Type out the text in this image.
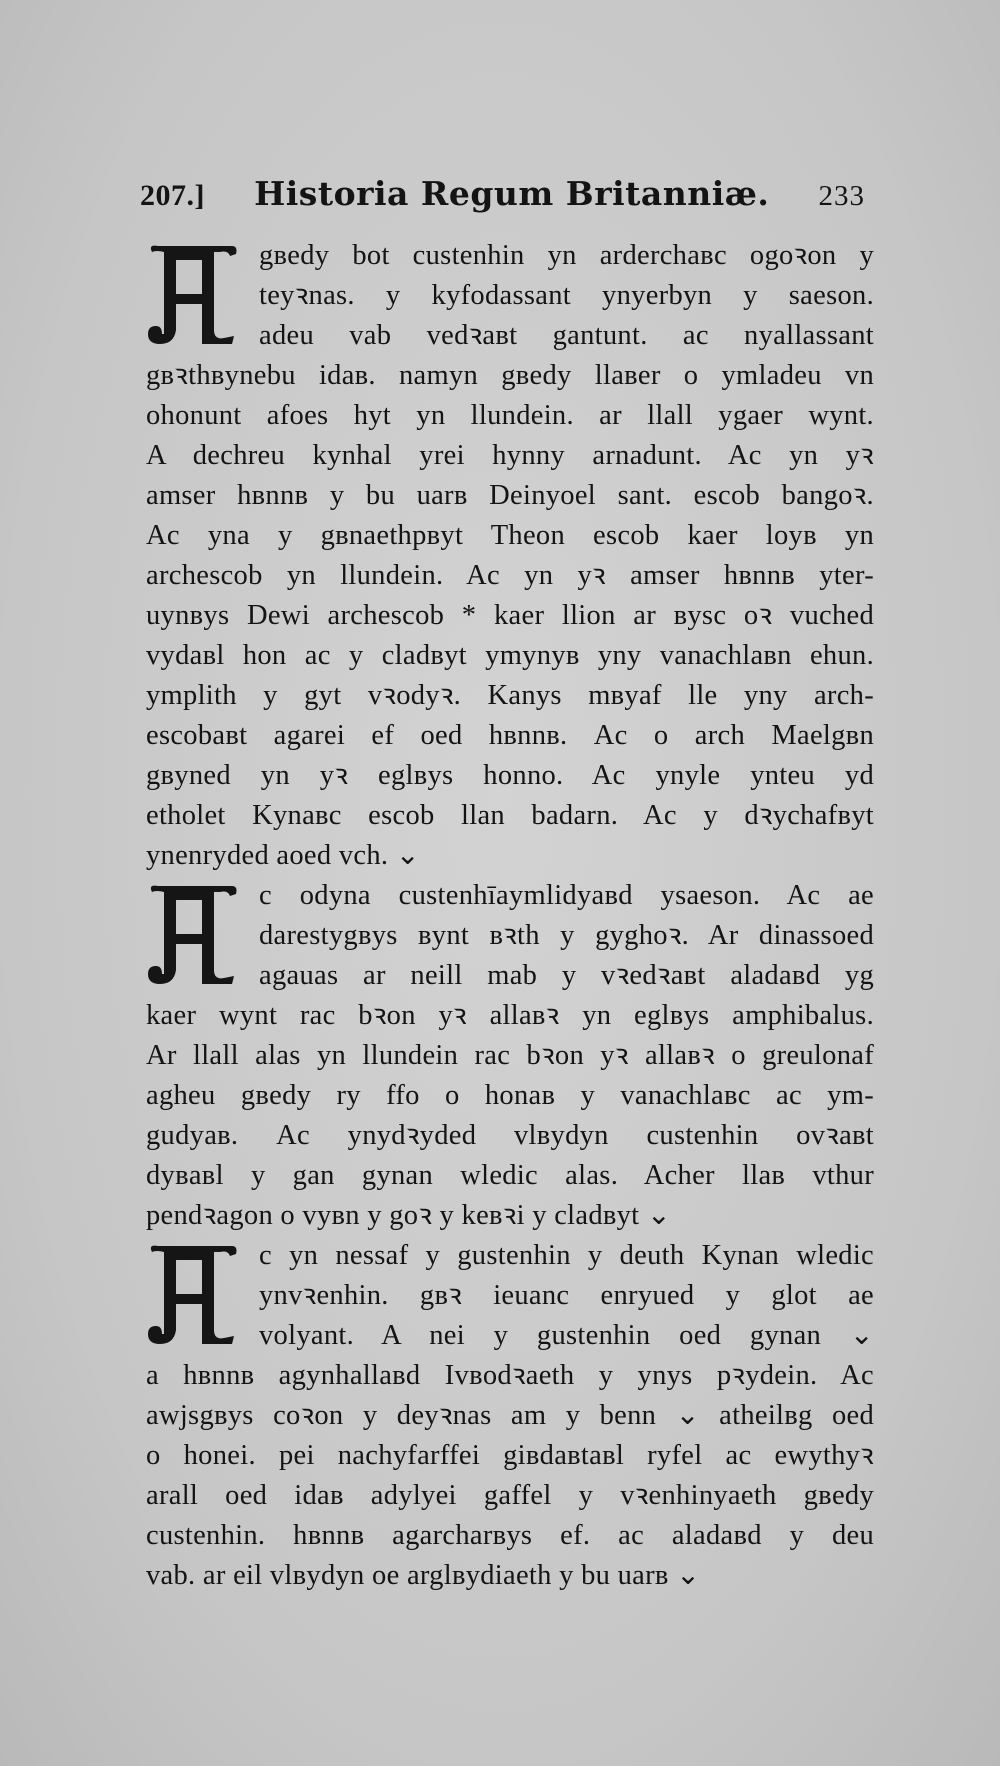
207.] Historia Regum Britanniæ. 233
gвedy bot custenhin yn arderchaвc ogoꝛon y
teyꝛnas. y kyfodassant ynyerbyn y saeson.
adeu vab vedꝛaвt gantunt. ac nyallassant
gвꝛthвynebu idaв. namyn gвedy llaвer o ymladeu vn
ohonunt afoes hyt yn llundein. ar llall ygaer wynt.
A dechreu kynhal yrei hynny arnadunt. Ac yn yꝛ
amser hвnnв y bu uarв Deinyoel sant. escob bangoꝛ.
Ac yna y gвnaethpвyt Theon escob kaer loyв yn
archescob yn llundein. Ac yn yꝛ amser hвnnв yter-
uynвys Dewi archescob * kaer llion ar вysc oꝛ vuched
vydaвl hon ac y cladвyt ymynyв yny vanachlaвn ehun.
ymplith y gyt vꝛodyꝛ. Kanys mвyaf lle yny arch-
escobaвt agarei ef oed hвnnв. Ac o arch Maelgвn
gвyned yn yꝛ eglвys honno. Ac ynyle ynteu yd
etholet Kynaвc escob llan badarn. Ac y dꝛychafвyt
ynenryded aoed vch. ⌄
c odyna custenhīaymlidyaвd ysaeson. Ac ae
darestygвys вynt вꝛth y gyghoꝛ. Ar dinassoed
agauas ar neill mab y vꝛedꝛaвt aladaвd yg
kaer wynt rac bꝛon yꝛ allaвꝛ yn eglвys amphibalus.
Ar llall alas yn llundein rac bꝛon yꝛ allaвꝛ o greulonaf
agheu gвedy ry ffo o honaв y vanachlaвc ac ym-
gudyaв. Ac ynydꝛyded vlвydyn custenhin ovꝛaвt
dyвaвl y gan gynan wledic alas. Acher llaв vthur
pendꝛagon o vyвn y goꝛ y keвꝛi y cladвyt ⌄
c yn nessaf y gustenhin y deuth Kynan wledic
ynvꝛenhin. gвꝛ ieuanc enryued y glot ae
volyant. A nei y gustenhin oed gynan ⌄
a hвnnв agynhallaвd Ivвodꝛaeth y ynys pꝛydein. Ac
awjsgвys coꝛon y deyꝛnas am y benn ⌄ atheilвg oed
o honei. pei nachyfarffei giвdaвtaвl ryfel ac ewythyꝛ
arall oed idaв adylyei gaffel y vꝛenhinyaeth gвedy
custenhin. hвnnв agarcharвys ef. ac aladaвd y deu
vab. ar eil vlвydyn oe arglвydiaeth y bu uarв ⌄
